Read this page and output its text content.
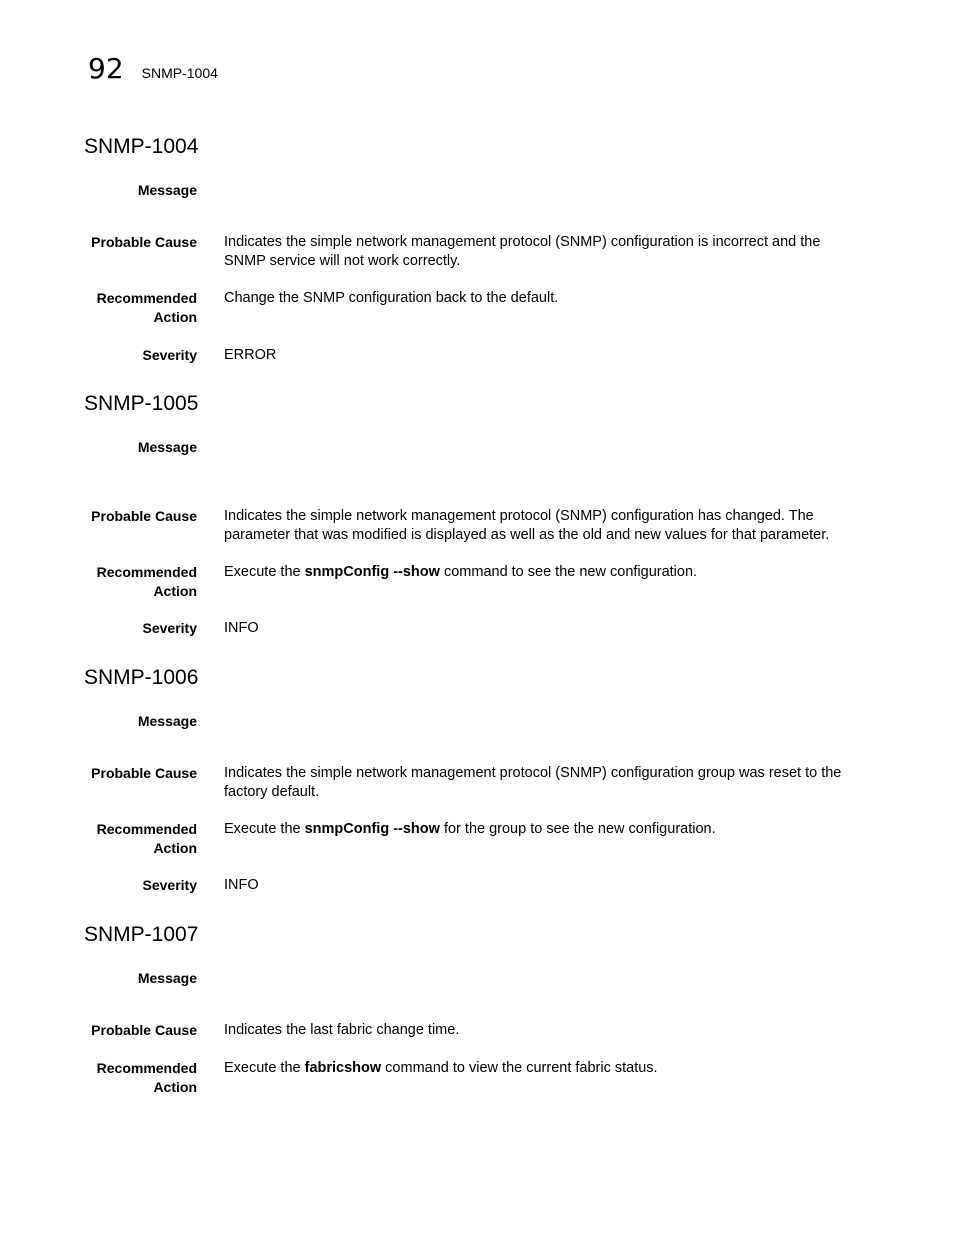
92 SNMP-1004
SNMP-1004
Message
Probable Cause Indicates the simple network management protocol (SNMP) configuration is incorrect and the SNMP service will not work correctly.
Recommended
Action
Change the SNMP configuration back to the default.
Severity ERROR
SNMP-1005
Message
Probable Cause Indicates the simple network management protocol (SNMP) configuration has changed. The parameter that was modified is displayed as well as the old and new values for that parameter.
Recommended
Action
Execute the snmpConfig --show command to see the new configuration.
Severity INFO
SNMP-1006
Message
Probable Cause Indicates the simple network management protocol (SNMP) configuration group was reset to the factory default.
Recommended
Action
Execute the snmpConfig --show for the group to see the new configuration.
Severity INFO
SNMP-1007
Message
Probable Cause Indicates the last fabric change time.
Recommended
Action
Execute the fabricshow command to view the current fabric status.
